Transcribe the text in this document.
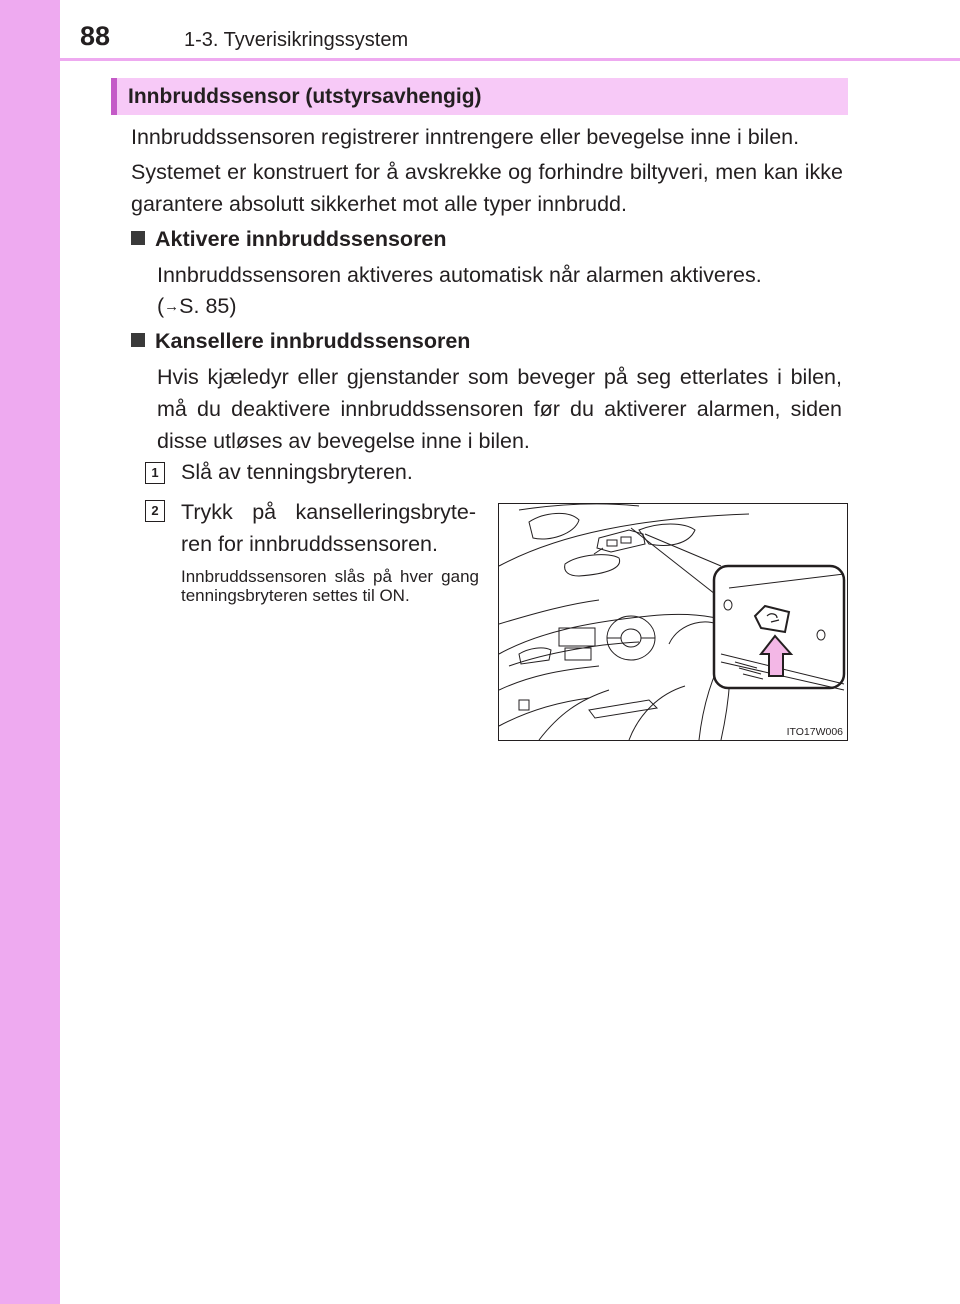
88	1-3. Tyverisikringssystem
Innbruddssensor (utstyrsavhengig)
Innbruddssensoren registrerer inntrengere eller bevegelse inne i bilen.
Systemet er konstruert for å avskrekke og forhindre biltyveri, men kan ikke garantere absolutt sikkerhet mot alle typer innbrudd.
Aktivere innbruddssensoren
Innbruddssensoren aktiveres automatisk når alarmen aktiveres.
(→S. 85)
Kansellere innbruddssensoren
Hvis kjæledyr eller gjenstander som beveger på seg etterlates i bilen, må du deaktivere innbruddssensoren før du aktiverer alarmen, siden disse utløses av bevegelse inne i bilen.
1 Slå av tenningsbryteren.
2 Trykk på kanselleringsbryte-ren for innbruddssensoren.
Innbruddssensoren slås på hver gang tenningsbryteren settes til ON.
ITO17W006
